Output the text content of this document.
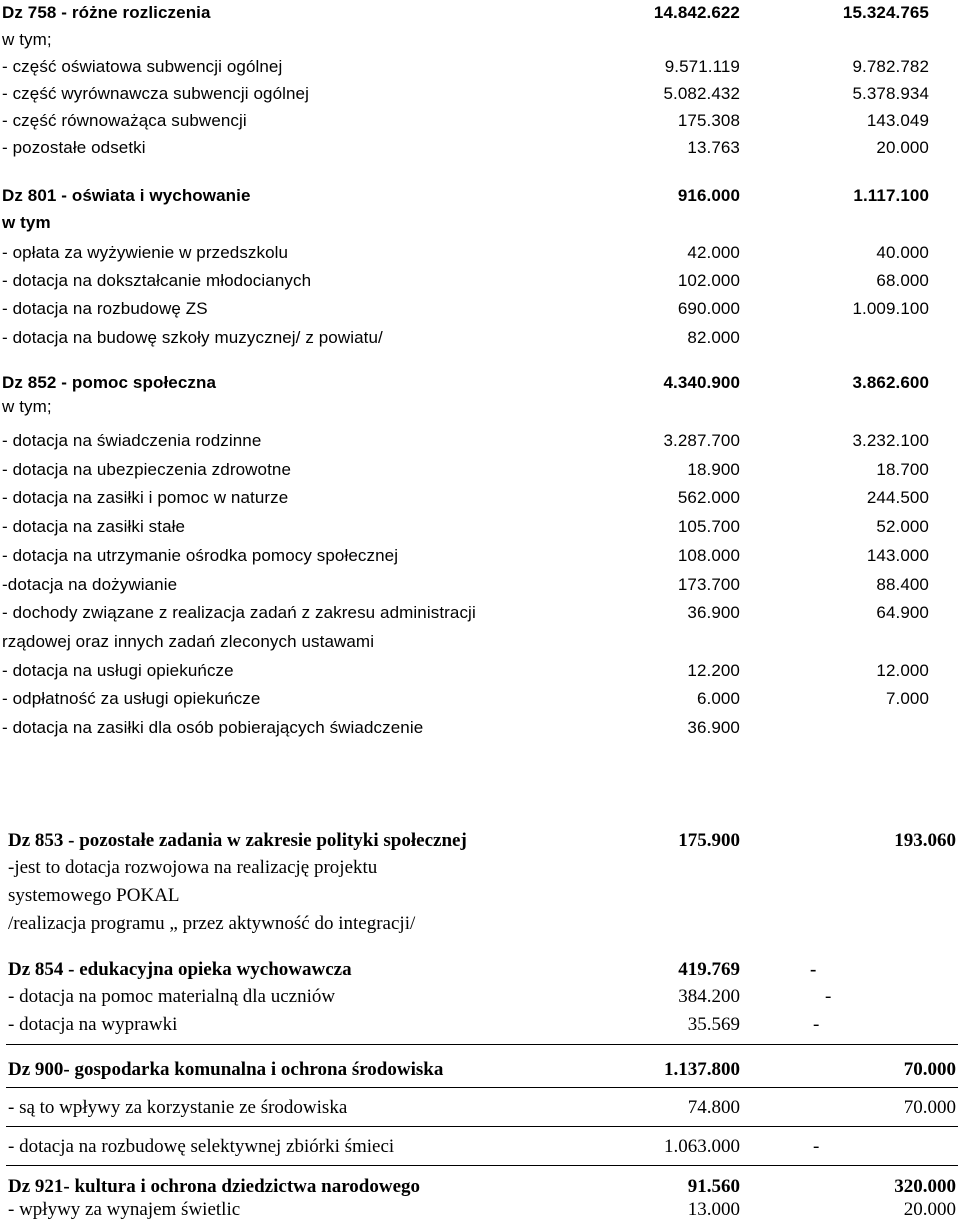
Dz 758 - różne rozliczenia	14.842.622	15.324.765
w tym;
- część oświatowa subwencji ogólnej	9.571.119	9.782.782
- część wyrównawcza subwencji ogólnej	5.082.432	5.378.934
- część równoważąca subwencji	175.308	143.049
- pozostałe odsetki	13.763	20.000
Dz 801 - oświata i wychowanie	916.000	1.117.100
w tym
- opłata za wyżywienie w przedszkolu	42.000	40.000
- dotacja na dokształcanie młodocianych	102.000	68.000
- dotacja na rozbudowę ZS	690.000	1.009.100
- dotacja na budowę szkoły muzycznej/ z powiatu/	82.000
Dz 852 - pomoc społeczna	4.340.900	3.862.600
w tym;
- dotacja na świadczenia rodzinne	3.287.700	3.232.100
- dotacja na ubezpieczenia zdrowotne	18.900	18.700
- dotacja na zasiłki i pomoc w naturze	562.000	244.500
- dotacja na zasiłki stałe	105.700	52.000
- dotacja na utrzymanie ośrodka pomocy społecznej	108.000	143.000
-dotacja na dożywianie	173.700	88.400
- dochody związane z realizacja zadań z zakresu administracji	36.900	64.900
rządowej oraz innych zadań zleconych ustawami
- dotacja na usługi opiekuńcze	12.200	12.000
- odpłatność za usługi opiekuńcze	6.000	7.000
- dotacja na zasiłki dla osób pobierających świadczenie	36.900
Dz 853 - pozostałe zadania w zakresie polityki społecznej	175.900	193.060
-jest to dotacja rozwojowa na realizację projektu
systemowego POKAL
/realizacja programu „ przez aktywność do integracji/
Dz 854 - edukacyjna opieka wychowawcza	419.769	-
- dotacja na pomoc materialną dla uczniów	384.200	-
- dotacja na wyprawki	35.569	-
Dz 900- gospodarka komunalna i ochrona środowiska	1.137.800	70.000
- są to wpływy za korzystanie ze środowiska	74.800	70.000
- dotacja na rozbudowę selektywnej zbiórki śmieci	1.063.000	-
Dz 921- kultura i ochrona dziedzictwa narodowego	91.560	320.000
- wpływy za wynajem świetlic	13.000	20.000
